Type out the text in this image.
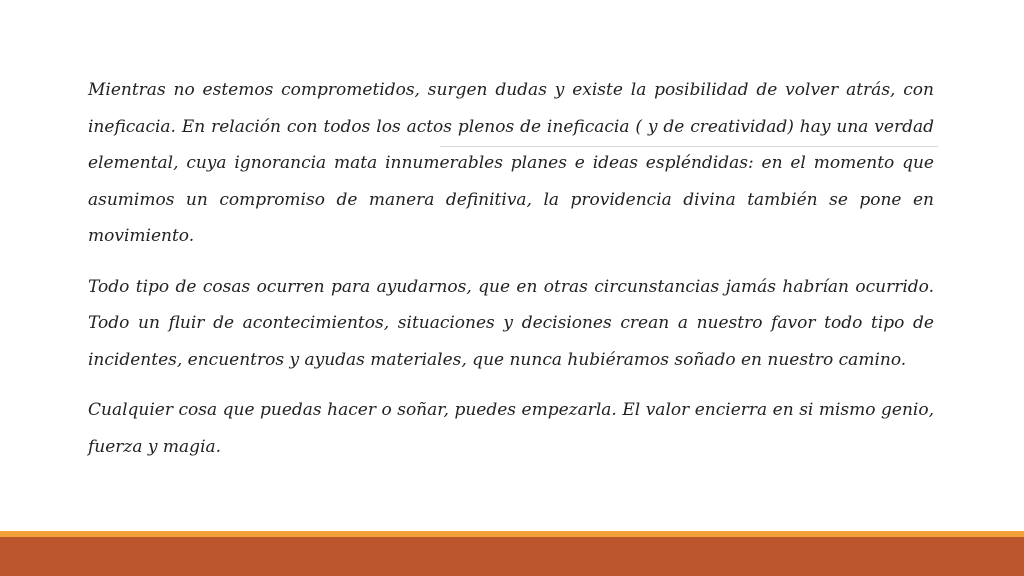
Mientras no estemos comprometidos, surgen dudas y existe la posibilidad de volver atrás, con ineficacia. En relación con todos los actos plenos de ineficacia ( y de creatividad) hay una verdad elemental, cuya ignorancia mata innumerables planes e ideas espléndidas: en el momento que asumimos un compromiso de manera definitiva, la providencia divina también se pone en movimiento.

Todo tipo de cosas ocurren para ayudarnos, que en otras circunstancias jamás habrían ocurrido. Todo un fluir de acontecimientos, situaciones y decisiones crean a nuestro favor todo tipo de incidentes, encuentros y ayudas materiales, que nunca hubiéramos soñado en nuestro camino.

Cualquier cosa que puedas hacer o soñar, puedes empezarla. El valor encierra en si mismo genio, fuerza y magia.
